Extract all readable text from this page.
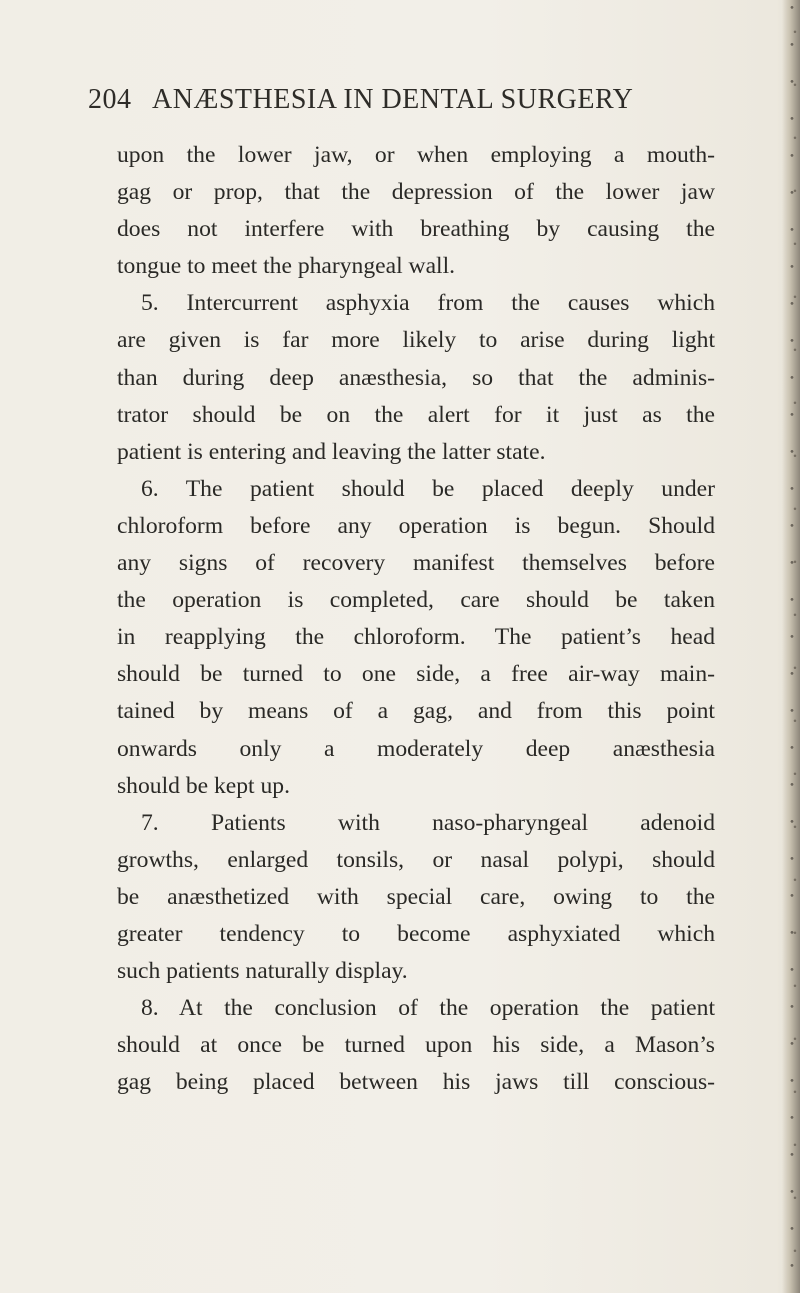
204 ANÆSTHESIA IN DENTAL SURGERY
upon the lower jaw, or when employing a mouth-
gag or prop, that the depression of the lower jaw
does not interfere with breathing by causing the
tongue to meet the pharyngeal wall.
5. Intercurrent asphyxia from the causes which
are given is far more likely to arise during light
than during deep anæsthesia, so that the adminis-
trator should be on the alert for it just as the
patient is entering and leaving the latter state.
6. The patient should be placed deeply under
chloroform before any operation is begun. Should
any signs of recovery manifest themselves before
the operation is completed, care should be taken
in reapplying the chloroform. The patient’s head
should be turned to one side, a free air-way main-
tained by means of a gag, and from this point
onwards only a moderately deep anæsthesia
should be kept up.
7. Patients with naso-pharyngeal adenoid
growths, enlarged tonsils, or nasal polypi, should
be anæsthetized with special care, owing to the
greater tendency to become asphyxiated which
such patients naturally display.
8. At the conclusion of the operation the patient
should at once be turned upon his side, a Mason’s
gag being placed between his jaws till conscious-
